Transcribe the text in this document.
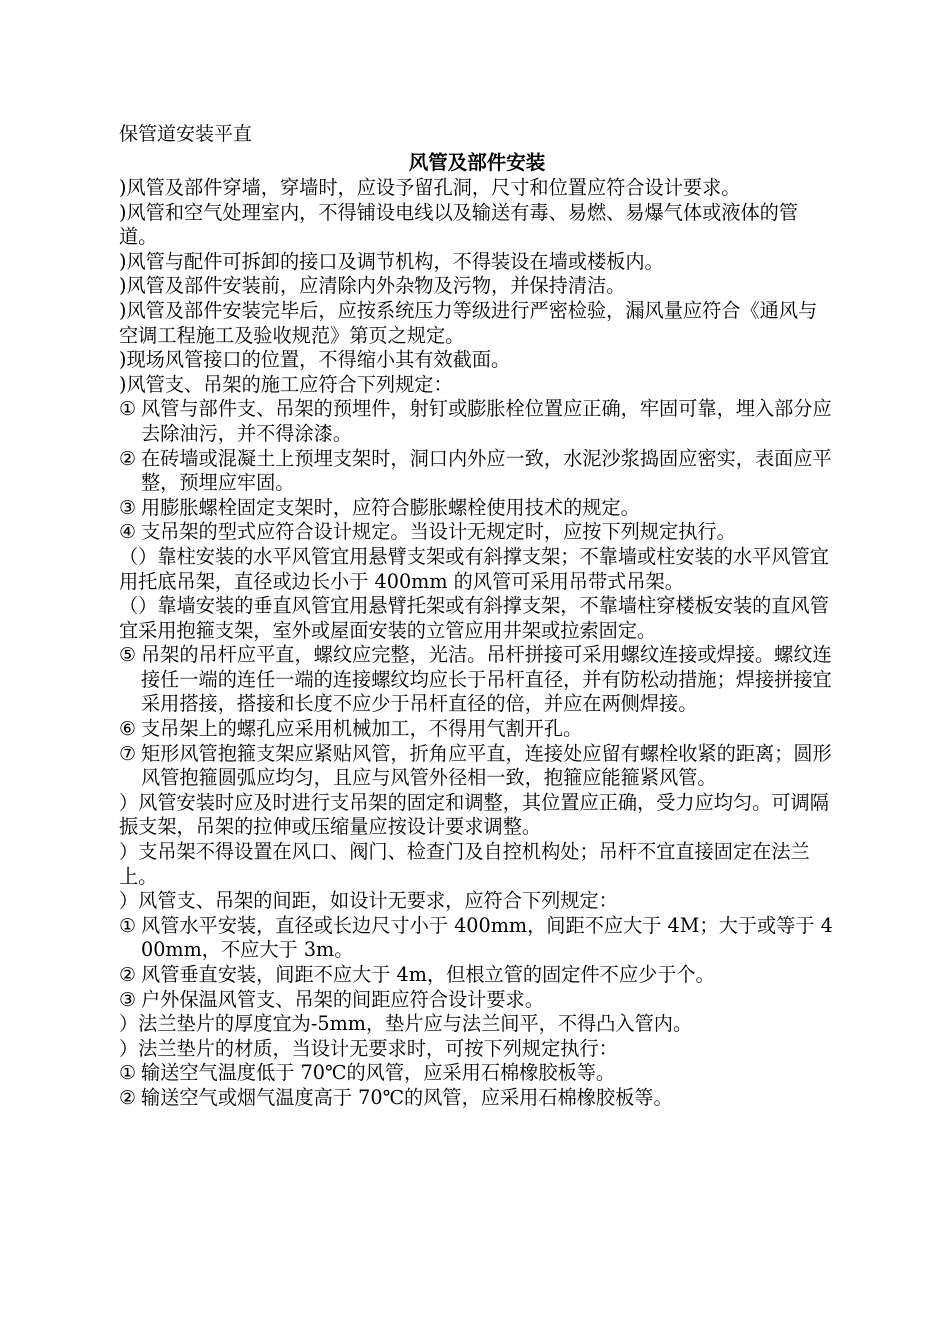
保管道安装平直
风管及部件安装
)风管及部件穿墙，穿墙时，应设予留孔洞，尺寸和位置应符合设计要求。
)风管和空气处理室内，不得铺设电线以及输送有毒、易燃、易爆气体或液体的管道。
)风管与配件可拆卸的接口及调节机构，不得装设在墙或楼板内。
)风管及部件安装前，应清除内外杂物及污物，并保持清洁。
)风管及部件安装完毕后，应按系统压力等级进行严密检验，漏风量应符合《通风与空调工程施工及验收规范》第页之规定。
)现场风管接口的位置，不得缩小其有效截面。
)风管支、吊架的施工应符合下列规定：
① 风管与部件支、吊架的预埋件，射钉或膨胀栓位置应正确，牢固可靠，埋入部分应去除油污，并不得涂漆。
② 在砖墙或混凝土上预埋支架时，洞口内外应一致，水泥沙浆捣固应密实，表面应平整，预埋应牢固。
③ 用膨胀螺栓固定支架时，应符合膨胀螺栓使用技术的规定。
④ 支吊架的型式应符合设计规定。当设计无规定时，应按下列规定执行。
（）靠柱安装的水平风管宜用悬臂支架或有斜撑支架；不靠墙或柱安装的水平风管宜用托底吊架，直径或边长小于 400mm 的风管可采用吊带式吊架。
（）靠墙安装的垂直风管宜用悬臂托架或有斜撑支架，不靠墙柱穿楼板安装的直风管宜采用抱箍支架，室外或屋面安装的立管应用井架或拉索固定。
⑤ 吊架的吊杆应平直，螺纹应完整，光洁。吊杆拼接可采用螺纹连接或焊接。螺纹连接任一端的连任一端的连接螺纹均应长于吊杆直径，并有防松动措施；焊接拼接宜采用搭接，搭接和长度不应少于吊杆直径的倍，并应在两侧焊接。
⑥ 支吊架上的螺孔应采用机械加工，不得用气割开孔。
⑦ 矩形风管抱箍支架应紧贴风管，折角应平直，连接处应留有螺栓收紧的距离；圆形风管抱箍圆弧应均匀，且应与风管外径相一致，抱箍应能箍紧风管。
）风管安装时应及时进行支吊架的固定和调整，其位置应正确，受力应均匀。可调隔振支架，吊架的拉伸或压缩量应按设计要求调整。
）支吊架不得设置在风口、阀门、检查门及自控机构处；吊杆不宜直接固定在法兰上。
）风管支、吊架的间距，如设计无要求，应符合下列规定：
① 风管水平安装，直径或长边尺寸小于 400mm，间距不应大于 4M；大于或等于 400mm，不应大于 3m。
② 风管垂直安装，间距不应大于 4m，但根立管的固定件不应少于个。
③ 户外保温风管支、吊架的间距应符合设计要求。
）法兰垫片的厚度宜为-5mm，垫片应与法兰间平，不得凸入管内。
）法兰垫片的材质，当设计无要求时，可按下列规定执行：
① 输送空气温度低于 70℃的风管，应采用石棉橡胶板等。
② 输送空气或烟气温度高于 70℃的风管，应采用石棉橡胶板等。
